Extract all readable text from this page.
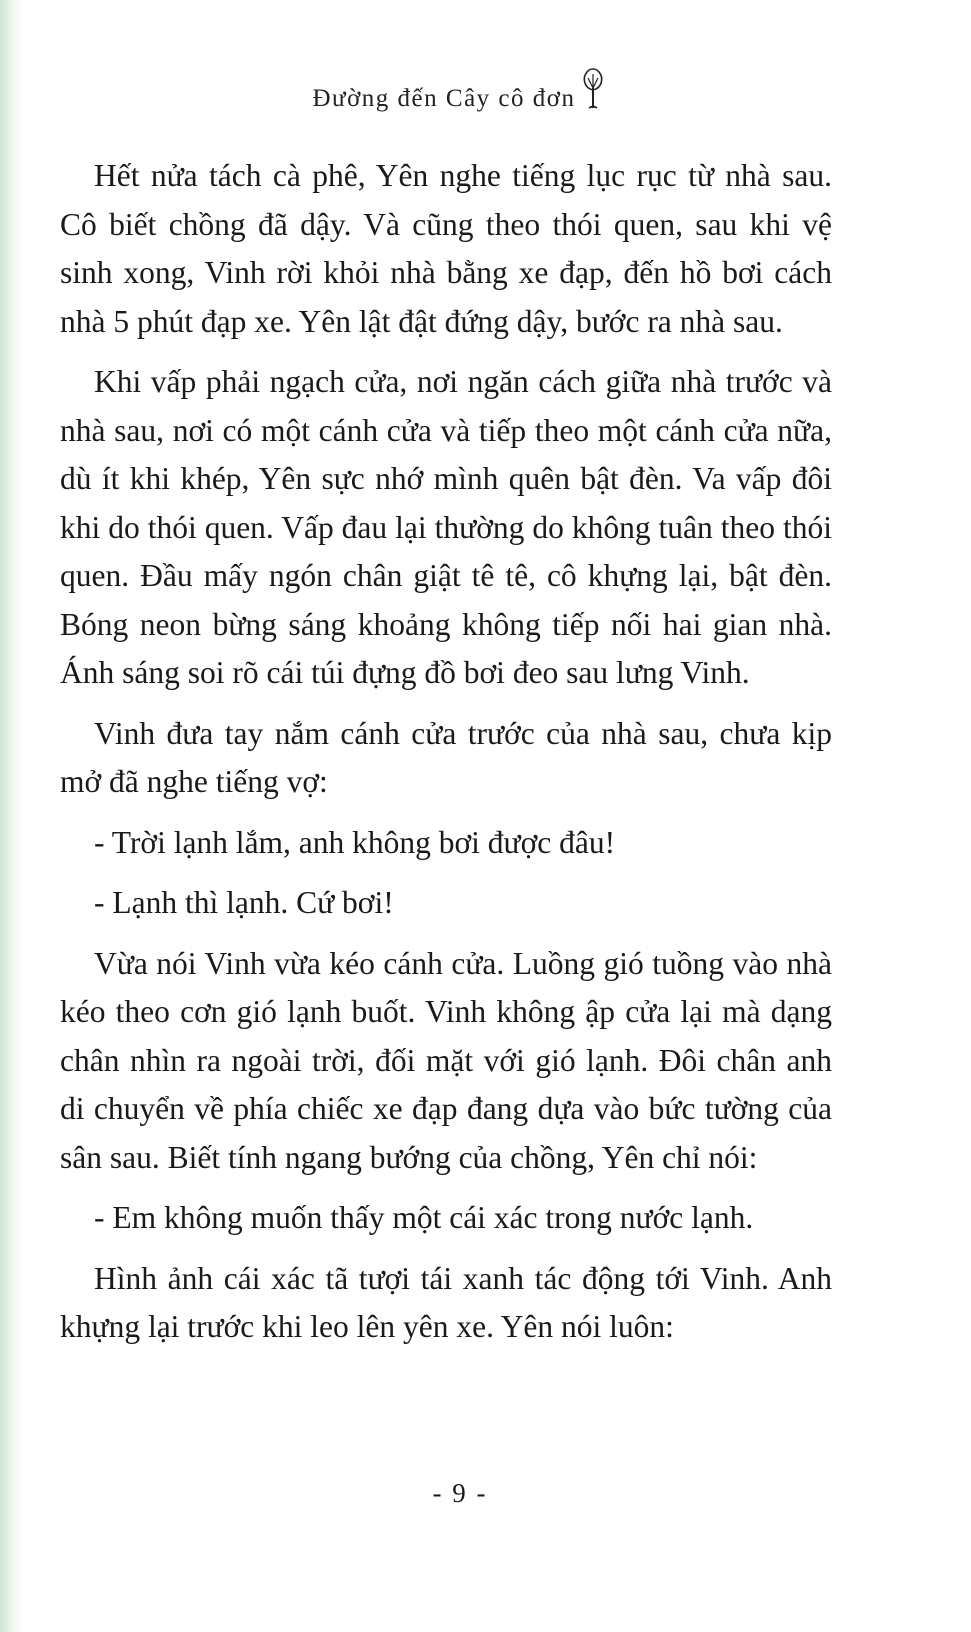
Đường đến Cây cô đơn

Hết nửa tách cà phê, Yên nghe tiếng lục rục từ nhà sau. Cô biết chồng đã dậy. Và cũng theo thói quen, sau khi vệ sinh xong, Vinh rời khỏi nhà bằng xe đạp, đến hồ bơi cách nhà 5 phút đạp xe. Yên lật đật đứng dậy, bước ra nhà sau.

Khi vấp phải ngạch cửa, nơi ngăn cách giữa nhà trước và nhà sau, nơi có một cánh cửa và tiếp theo một cánh cửa nữa, dù ít khi khép, Yên sực nhớ mình quên bật đèn. Va vấp đôi khi do thói quen. Vấp đau lại thường do không tuân theo thói quen. Đầu mấy ngón chân giật tê tê, cô khựng lại, bật đèn. Bóng neon bừng sáng khoảng không tiếp nối hai gian nhà. Ánh sáng soi rõ cái túi đựng đồ bơi đeo sau lưng Vinh.

Vinh đưa tay nắm cánh cửa trước của nhà sau, chưa kịp mở đã nghe tiếng vợ:

- Trời lạnh lắm, anh không bơi được đâu!

- Lạnh thì lạnh. Cứ bơi!

Vừa nói Vinh vừa kéo cánh cửa. Luồng gió tuồng vào nhà kéo theo cơn gió lạnh buốt. Vinh không ập cửa lại mà dạng chân nhìn ra ngoài trời, đối mặt với gió lạnh. Đôi chân anh di chuyển về phía chiếc xe đạp đang dựa vào bức tường của sân sau. Biết tính ngang bướng của chồng, Yên chỉ nói:

- Em không muốn thấy một cái xác trong nước lạnh.

Hình ảnh cái xác tã tượi tái xanh tác động tới Vinh. Anh khựng lại trước khi leo lên yên xe. Yên nói luôn:

- 9 -
